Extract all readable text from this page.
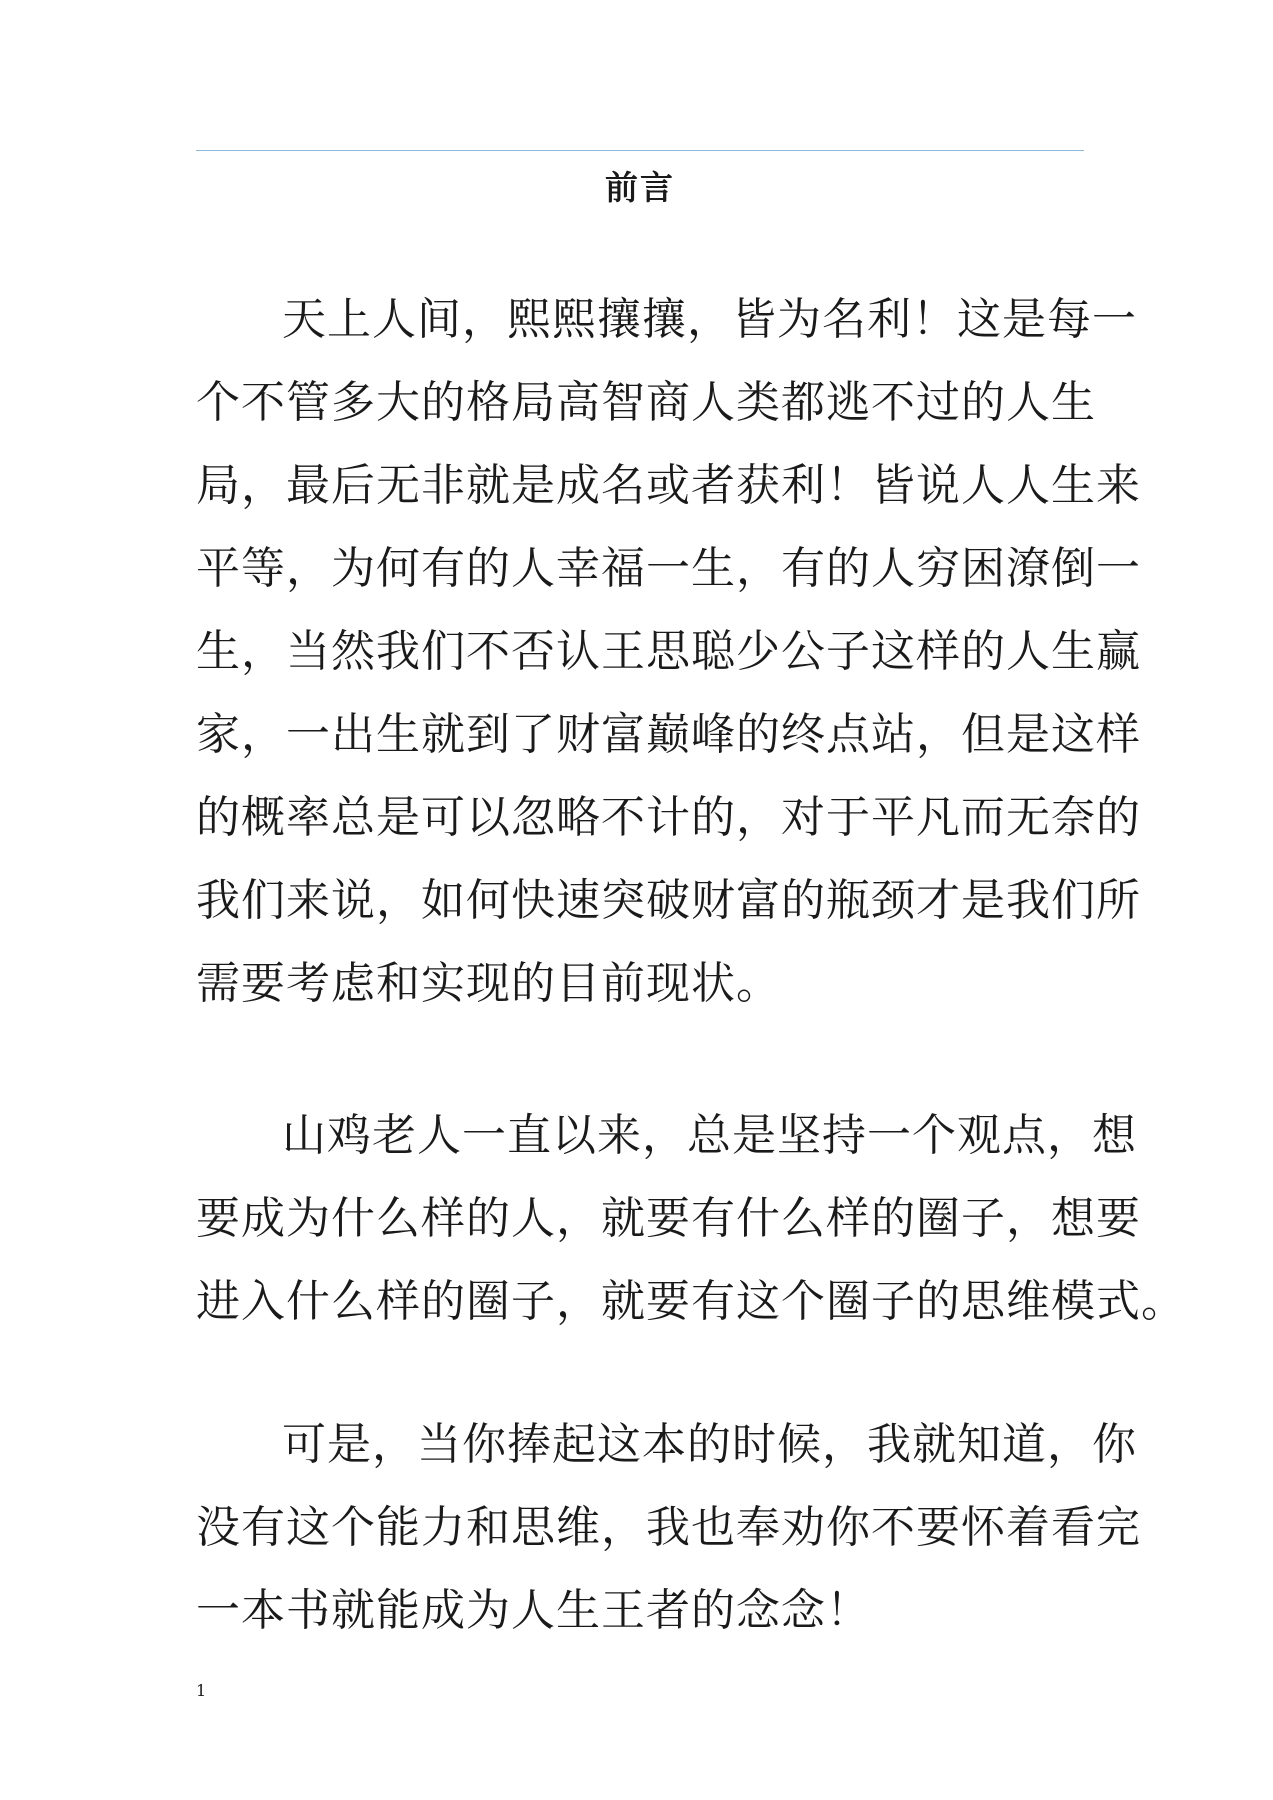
前言
天上人间，熙熙攘攘，皆为名利！这是每一
个不管多大的格局高智商人类都逃不过的人生
局，最后无非就是成名或者获利！皆说人人生来
平等，为何有的人幸福一生，有的人穷困潦倒一
生，当然我们不否认王思聪少公子这样的人生赢
家，一出生就到了财富巅峰的终点站，但是这样
的概率总是可以忽略不计的，对于平凡而无奈的
我们来说，如何快速突破财富的瓶颈才是我们所
需要考虑和实现的目前现状。
山鸡老人一直以来，总是坚持一个观点，想
要成为什么样的人，就要有什么样的圈子，想要
进入什么样的圈子，就要有这个圈子的思维模式。
可是，当你捧起这本的时候，我就知道，你
没有这个能力和思维，我也奉劝你不要怀着看完
一本书就能成为人生王者的念念！
1
